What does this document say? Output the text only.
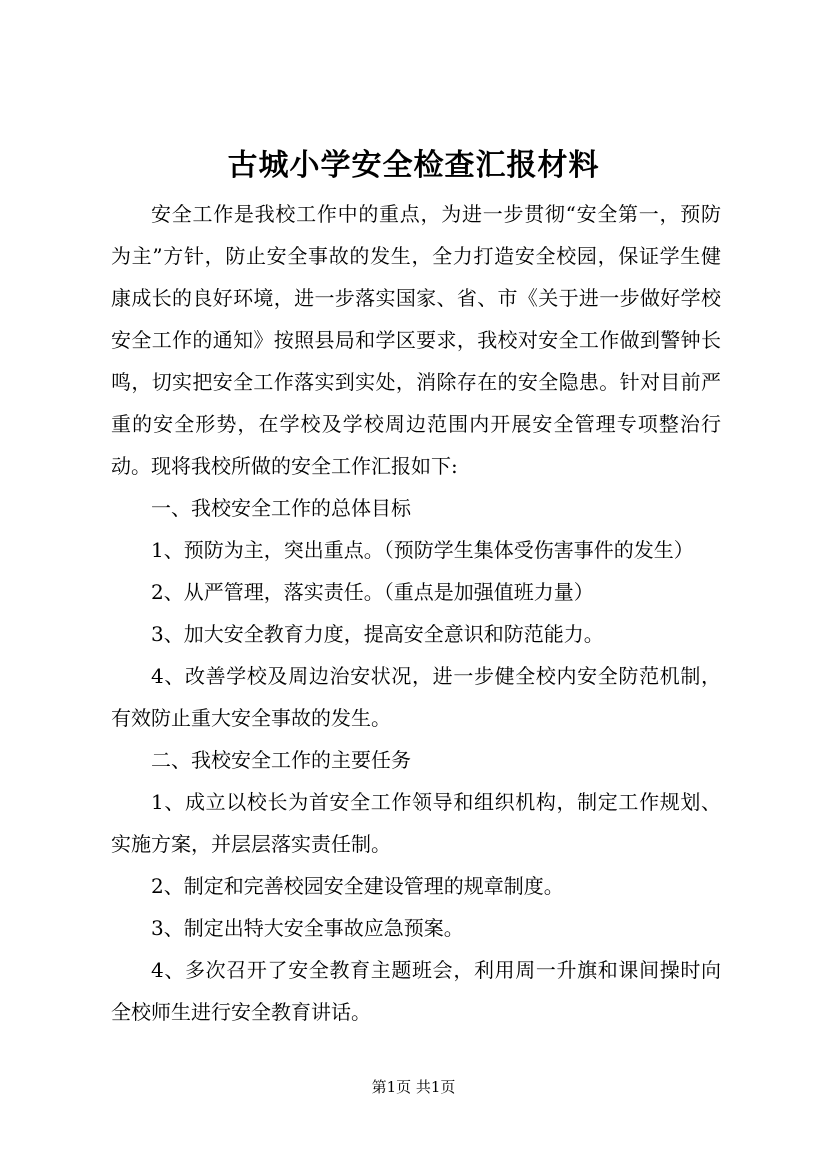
古城小学安全检查汇报材料

安全工作是我校工作中的重点，为进一步贯彻“安全第一，预防为主”方针，防止安全事故的发生，全力打造安全校园，保证学生健康成长的良好环境，进一步落实国家、省、市《关于进一步做好学校安全工作的通知》按照县局和学区要求，我校对安全工作做到警钟长鸣，切实把安全工作落实到实处，消除存在的安全隐患。针对目前严重的安全形势，在学校及学校周边范围内开展安全管理专项整治行动。现将我校所做的安全工作汇报如下:

一、我校安全工作的总体目标

1、预防为主，突出重点。（预防学生集体受伤害事件的发生）

2、从严管理，落实责任。（重点是加强值班力量）

3、加大安全教育力度，提高安全意识和防范能力。

4、改善学校及周边治安状况，进一步健全校内安全防范机制，有效防止重大安全事故的发生。

二、我校安全工作的主要任务

1、成立以校长为首安全工作领导和组织机构，制定工作规划、实施方案，并层层落实责任制。

2、制定和完善校园安全建设管理的规章制度。

3、制定出特大安全事故应急预案。

4、多次召开了安全教育主题班会，利用周一升旗和课间操时向全校师生进行安全教育讲话。

第1页 共1页
